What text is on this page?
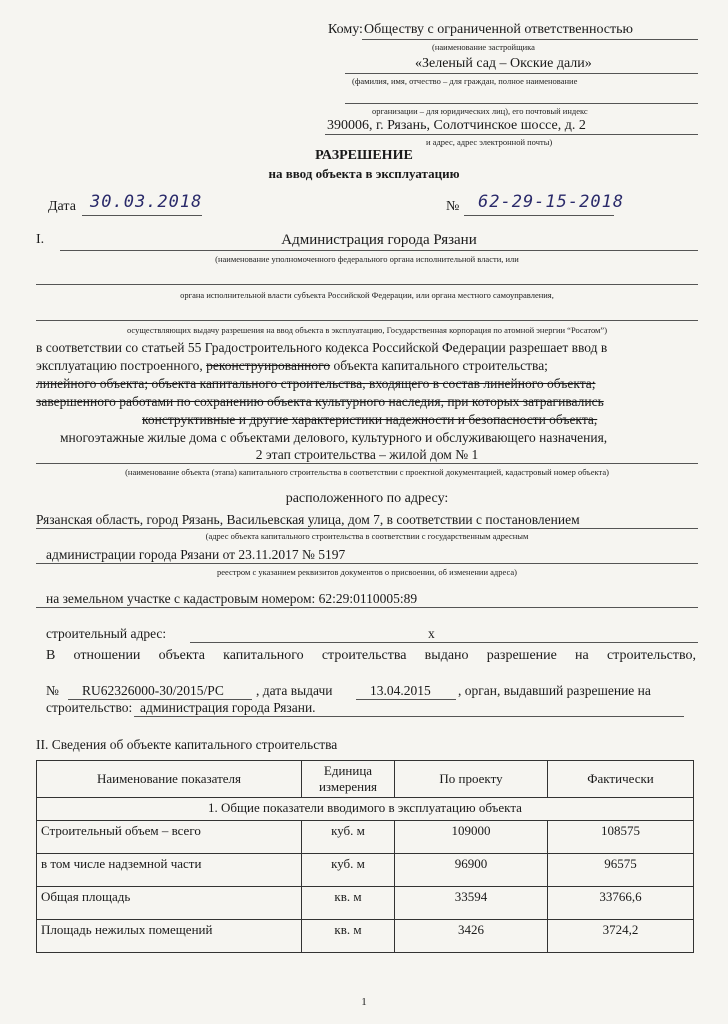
Кому: Обществу с ограниченной ответственностью
(наименование застройщика
«Зеленый сад – Окские дали»
(фамилия, имя, отчество – для граждан, полное наименование
организации – для юридических лиц), его почтовый индекс
390006, г. Рязань, Солотчинское шоссе, д. 2
и адрес, адрес электронной почты)
РАЗРЕШЕНИЕ
на ввод объекта в эксплуатацию
Дата 30.03.2018	№ 62-29-15-2018
I.	Администрация города Рязани
(наименование уполномоченного федерального органа исполнительной власти, или
органа исполнительной власти субъекта Российской Федерации, или органа местного самоуправления,
осуществляющих выдачу разрешения на ввод объекта в эксплуатацию, Государственная корпорация по атомной энергии “Росатом”)
в соответствии со статьей 55 Градостроительного кодекса Российской Федерации разрешает ввод в
эксплуатацию построенного, реконструированного объекта капитального строительства;
линейного объекта; объекта капитального строительства, входящего в состав линейного объекта;
завершенного работами по сохранению объекта культурного наследия, при которых затрагивались
конструктивные и другие характеристики надежности и безопасности объекта,
многоэтажные жилые дома с объектами делового, культурного и обслуживающего назначения,
2 этап строительства – жилой дом № 1
(наименование объекта (этапа) капитального строительства в соответствии с проектной документацией, кадастровый номер объекта)
расположенного по адресу:
Рязанская область, город Рязань, Васильевская улица, дом 7, в соответствии с постановлением
(адрес объекта капитального строительства в соответствии с государственным адресным
администрации города Рязани от 23.11.2017 № 5197
реестром с указанием реквизитов документов о присвоении, об изменении адреса)
на земельном участке с кадастровым номером: 62:29:0110005:89
строительный адрес:	х
В отношении объекта капитального строительства выдано разрешение на строительство,
№ RU62326000-30/2015/РС , дата выдачи	13.04.2015 , орган, выдавший разрешение на
строительство: администрация города Рязани.
II. Сведения об объекте капитального строительства
Наименование показателя	Единица измерения	По проекту	Фактически
1. Общие показатели вводимого в эксплуатацию объекта			
Строительный объем – всего	куб. м	109000	108575
в том числе надземной части	куб. м	96900	96575
Общая площадь	кв. м	33594	33766,6
Площадь нежилых помещений	кв. м	3426	3724,2
1
